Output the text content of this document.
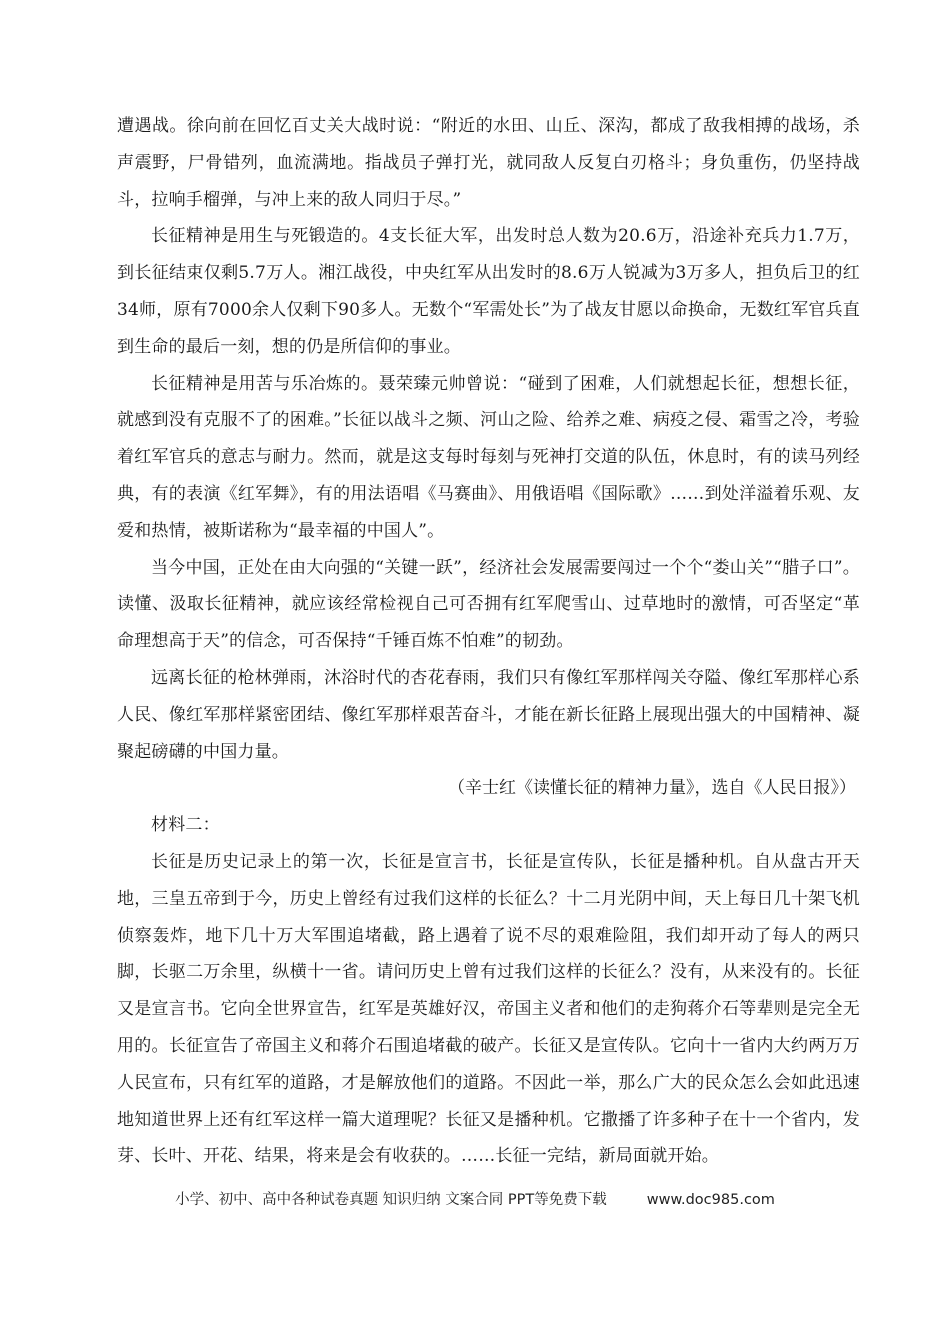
遭遇战。徐向前在回忆百丈关大战时说：“附近的水田、山丘、深沟，都成了敌我相搏的战场，杀声震野，尸骨错列，血流满地。指战员子弹打光，就同敌人反复白刃格斗；身负重伤，仍坚持战斗，拉响手榴弹，与冲上来的敌人同归于尽。”

长征精神是用生与死锻造的。4支长征大军，出发时总人数为20.6万，沿途补充兵力1.7万，到长征结束仅剩5.7万人。湘江战役，中央红军从出发时的8.6万人锐减为3万多人，担负后卫的红34师，原有7000余人仅剩下90多人。无数个“军需处长”为了战友甘愿以命换命，无数红军官兵直到生命的最后一刻，想的仍是所信仰的事业。

长征精神是用苦与乐冶炼的。聂荣臻元帅曾说：“碰到了困难，人们就想起长征，想想长征，就感到没有克服不了的困难。”长征以战斗之频、河山之险、给养之难、病疫之侵、霜雪之冷，考验着红军官兵的意志与耐力。然而，就是这支每时每刻与死神打交道的队伍，休息时，有的读马列经典，有的表演《红军舞》，有的用法语唱《马赛曲》、用俄语唱《国际歌》……到处洋溢着乐观、友爱和热情，被斯诺称为“最幸福的中国人”。

当今中国，正处在由大向强的“关键一跃”，经济社会发展需要闯过一个个“娄山关”“腊子口”。读懂、汲取长征精神，就应该经常检视自己可否拥有红军爬雪山、过草地时的激情，可否坚定“革命理想高于天”的信念，可否保持“千锤百炼不怕难”的韧劲。

远离长征的枪林弹雨，沐浴时代的杏花春雨，我们只有像红军那样闯关夺隘、像红军那样心系人民、像红军那样紧密团结、像红军那样艰苦奋斗，才能在新长征路上展现出强大的中国精神、凝聚起磅礴的中国力量。

（辛士红《读懂长征的精神力量》，选自《人民日报》）

材料二：

长征是历史记录上的第一次，长征是宣言书，长征是宣传队，长征是播种机。自从盘古开天地，三皇五帝到于今，历史上曾经有过我们这样的长征么？十二月光阴中间，天上每日几十架飞机侦察轰炸，地下几十万大军围追堵截，路上遇着了说不尽的艰难险阻，我们却开动了每人的两只脚，长驱二万余里，纵横十一省。请问历史上曾有过我们这样的长征么？没有，从来没有的。长征又是宣言书。它向全世界宣告，红军是英雄好汉，帝国主义者和他们的走狗蒋介石等辈则是完全无用的。长征宣告了帝国主义和蒋介石围追堵截的破产。长征又是宣传队。它向十一省内大约两万万人民宣布，只有红军的道路，才是解放他们的道路。不因此一举，那么广大的民众怎么会如此迅速地知道世界上还有红军这样一篇大道理呢？长征又是播种机。它撒播了许多种子在十一个省内，发芽、长叶、开花、结果，将来是会有收获的。……长征一完结，新局面就开始。

小学、初中、高中各种试卷真题 知识归纳 文案合同 PPT等免费下载	www.doc985.com
